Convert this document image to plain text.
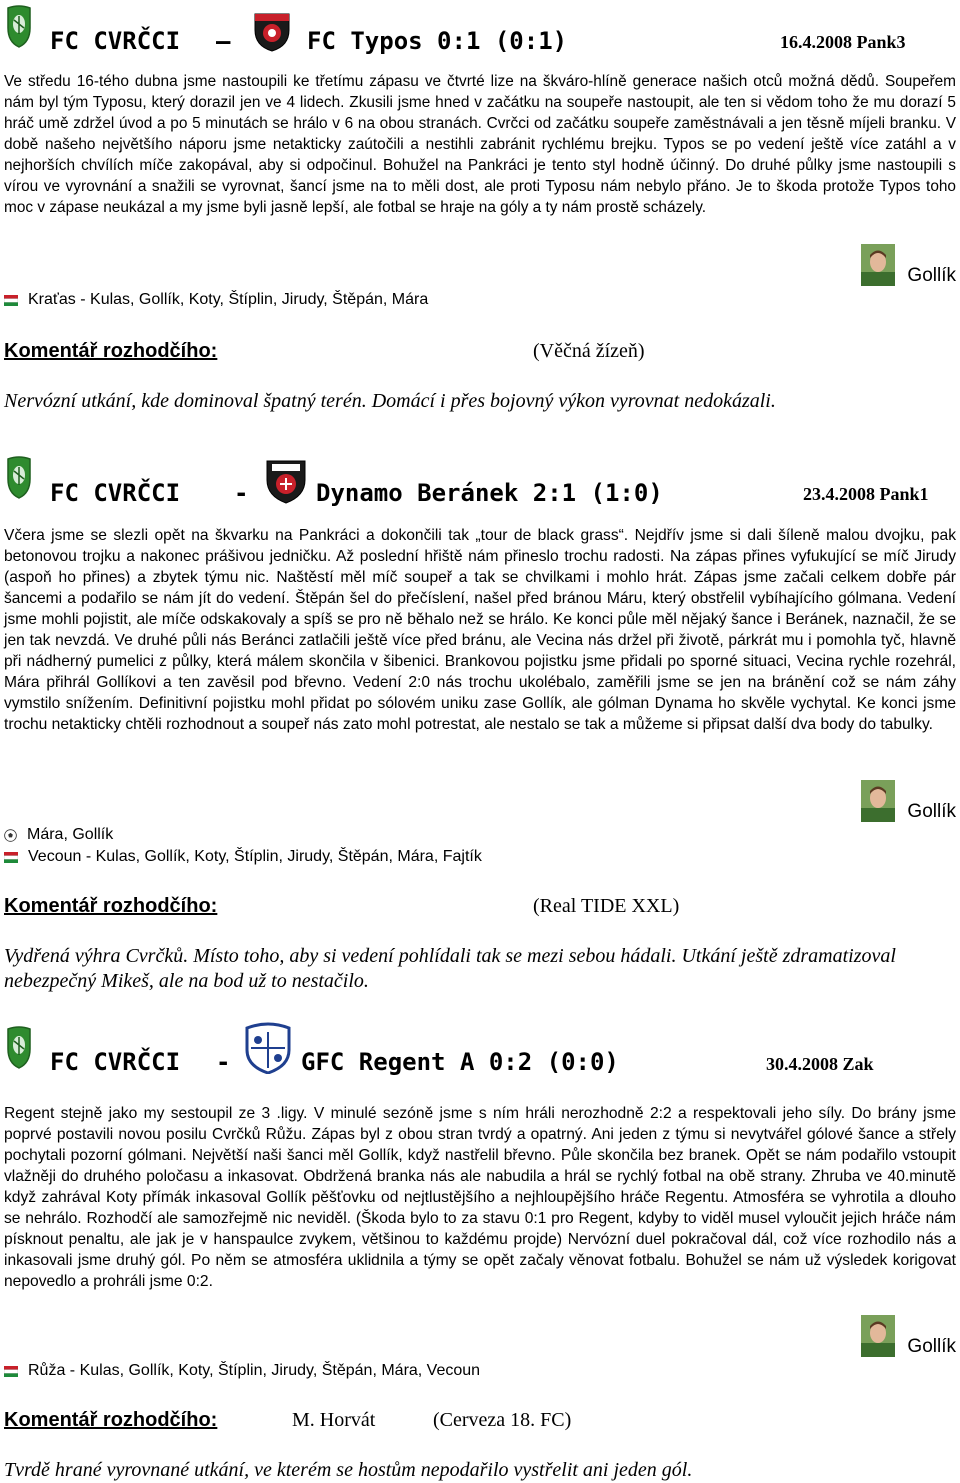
FC CVRČCI –	FC Typos 0:1 (0:1)	16.4.2008 Pank3

Ve středu 16-tého dubna jsme nastoupili ke třetímu zápasu ve čtvrté lize na škváro-hlíně generace našich otců možná dědů. Soupeřem nám byl tým Typosu, který dorazil jen ve 4 lidech. Zkusili jsme hned v začátku na soupeře nastoupit, ale ten si vědom toho že mu dorazí 5 hráč umě zdržel úvod a po 5 minutách se hrálo v 6 na obou stranách. Cvrčci od začátku soupeře zaměstnávali a jen těsně míjeli branku. V době našeho největšího náporu jsme netakticky zaútočili a nestihli zabránit rychlému brejku. Typos se po vedení ještě více zatáhl a v nejhorších chvílích míče zakopával, aby si odpočinul. Bohužel na Pankráci je tento styl hodně účinný. Do druhé půlky jsme nastoupili s vírou ve vyrovnání a snažili se vyrovnat, šancí jsme na to měli dost, ale proti Typosu nám nebylo přáno. Je to škoda protože Typos toho moc v zápase neukázal a my jsme byli jasně lepší, ale fotbal se hraje na góly a ty nám prostě scházely.

Gollík
Kraťas - Kulas, Gollík, Koty, Štíplin, Jirudy, Štěpán, Mára
Komentář rozhodčího:	(Věčná žízeň)

Nervózní utkání, kde dominoval špatný terén. Domácí i přes bojovný výkon vyrovnat nedokázali.

FC CVRČCI -	Dynamo Beránek 2:1 (1:0)	23.4.2008 Pank1

Včera jsme se slezli opět na škvarku na Pankráci a dokončili tak „tour de black grass“. Nejdřív jsme si dali šíleně malou dvojku, pak betonovou trojku a nakonec prášivou jedničku. Až poslední hřiště nám přineslo trochu radosti. Na zápas přines vyfukující se míč Jirudy (aspoň ho přines) a zbytek týmu nic. Naštěstí měl míč soupeř a tak se chvilkami i mohlo hrát. Zápas jsme začali celkem dobře pár šancemi a podařilo se nám jít do vedení. Štěpán šel do přečíslení, našel před bránou Máru, který obstřelil vybíhajícího gólmana. Vedení jsme mohli pojistit, ale míče odskakovaly a spíš se pro ně běhalo než se hrálo. Ke konci půle měl nějaký šance i Beránek, naznačil, že se jen tak nevzdá. Ve druhé půli nás Beránci zatlačili ještě více před bránu, ale Vecina nás držel při životě, párkrát mu i pomohla tyč, hlavně při nádherný pumelici z půlky, která málem skončila v šibenici. Brankovou pojistku jsme přidali po sporné situaci, Vecina rychle rozehrál, Mára přihrál Gollíkovi a ten zavěsil pod břevno. Vedení 2:0 nás trochu ukolébalo, zaměřili jsme se jen na bránění což se nám záhy vymstilo snížením. Definitivní pojistku mohl přidat po sólovém uniku zase Gollík, ale gólman Dynama ho skvěle vychytal. Ke konci jsme trochu netakticky chtěli rozhodnout a soupeř nás zato mohl potrestat, ale nestalo se tak a můžeme si připsat další dva body do tabulky.

Gollík
Mára, Gollík
Vecoun - Kulas, Gollík, Koty, Štíplin, Jirudy, Štěpán, Mára, Fajtík
Komentář rozhodčího:	(Real TIDE XXL)

Vydřená výhra Cvrčků. Místo toho, aby si vedení pohlídali tak se mezi sebou hádali. Utkání ještě zdramatizoval nebezpečný Mikeš, ale na bod už to nestačilo.

FC CVRČCI -	GFC Regent A 0:2 (0:0)	30.4.2008 Zak

Regent stejně jako my sestoupil ze 3 .ligy. V minulé sezóně jsme s ním hráli nerozhodně 2:2 a respektovali jeho síly. Do brány jsme poprvé postavili novou posilu Cvrčků Růžu. Zápas byl z obou stran tvrdý a opatrný. Ani jeden z týmu si nevytvářel gólové šance a střely pochytali pozorní gólmani. Největší naši šanci měl Gollík, když nastřelil břevno. Půle skončila bez branek. Opět se nám podařilo vstoupit vlažněji do druhého poločasu a inkasovat. Obdržená branka nás ale nabudila a hrál se rychlý fotbal na obě strany. Zhruba ve 40.minutě když zahrával Koty přímák inkasoval Gollík pěšťovku od nejtlustějšího a nejhloupějšího hráče Regentu. Atmosféra se vyhrotila a dlouho se nehrálo. Rozhodčí ale samozřejmě nic neviděl. (Škoda bylo to za stavu 0:1 pro Regent, kdyby to viděl musel vyloučit jejich hráče nám písknout penaltu, ale jak je v hanspaulce zvykem, většinou to každému projde) Nervózní duel pokračoval dál, což více rozhodilo nás a inkasovali jsme druhý gól. Po něm se atmosféra uklidnila a týmy se opět začaly věnovat fotbalu. Bohužel se nám už výsledek korigovat nepovedlo a prohráli jsme 0:2.

Gollík
Růža - Kulas, Gollík, Koty, Štíplin, Jirudy, Štěpán, Mára, Vecoun
Komentář rozhodčího:	M. Horvát	(Cerveza 18. FC)

Tvrdě hrané vyrovnané utkání, ve kterém se hostům nepodařilo vystřelit ani jeden gól.
